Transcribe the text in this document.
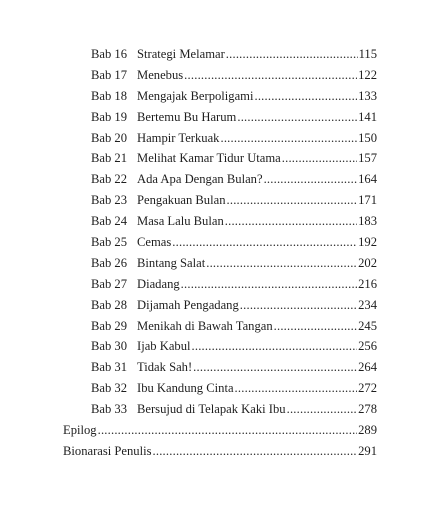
Bab 16 Strategi Melamar .....	115
Bab 17 Menebus .....	122
Bab 18 Mengajak Berpoligami .....	133
Bab 19 Bertemu Bu Harum .....	141
Bab 20 Hampir Terkuak .....	150
Bab 21 Melihat Kamar Tidur Utama .....	157
Bab 22 Ada Apa Dengan Bulan? .....	164
Bab 23 Pengakuan Bulan .....	171
Bab 24 Masa Lalu Bulan .....	183
Bab 25 Cemas .....	192
Bab 26 Bintang Salat .....	202
Bab 27 Diadang .....	216
Bab 28 Dijamah Pengadang .....	234
Bab 29 Menikah di Bawah Tangan .....	245
Bab 30 Ijab Kabul .....	256
Bab 31 Tidak Sah! .....	264
Bab 32 Ibu Kandung Cinta .....	272
Bab 33 Bersujud di Telapak Kaki Ibu .....	278
Epilog .....	289
Bionarasi Penulis .....	291
